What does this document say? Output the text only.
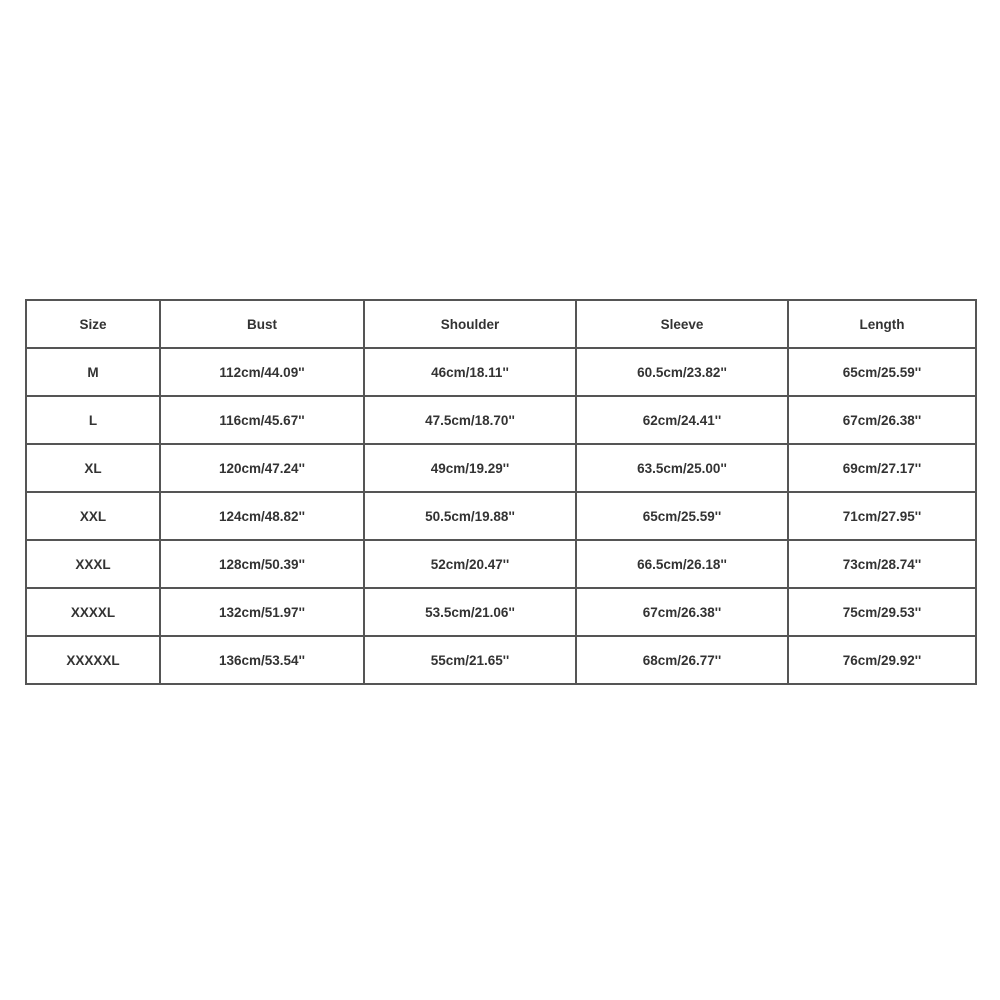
Size	Bust	Shoulder	Sleeve	Length
M	112cm/44.09''	46cm/18.11''	60.5cm/23.82''	65cm/25.59''
L	116cm/45.67''	47.5cm/18.70''	62cm/24.41''	67cm/26.38''
XL	120cm/47.24''	49cm/19.29''	63.5cm/25.00''	69cm/27.17''
XXL	124cm/48.82''	50.5cm/19.88''	65cm/25.59''	71cm/27.95''
XXXL	128cm/50.39''	52cm/20.47''	66.5cm/26.18''	73cm/28.74''
XXXXL	132cm/51.97''	53.5cm/21.06''	67cm/26.38''	75cm/29.53''
XXXXXL	136cm/53.54''	55cm/21.65''	68cm/26.77''	76cm/29.92''
